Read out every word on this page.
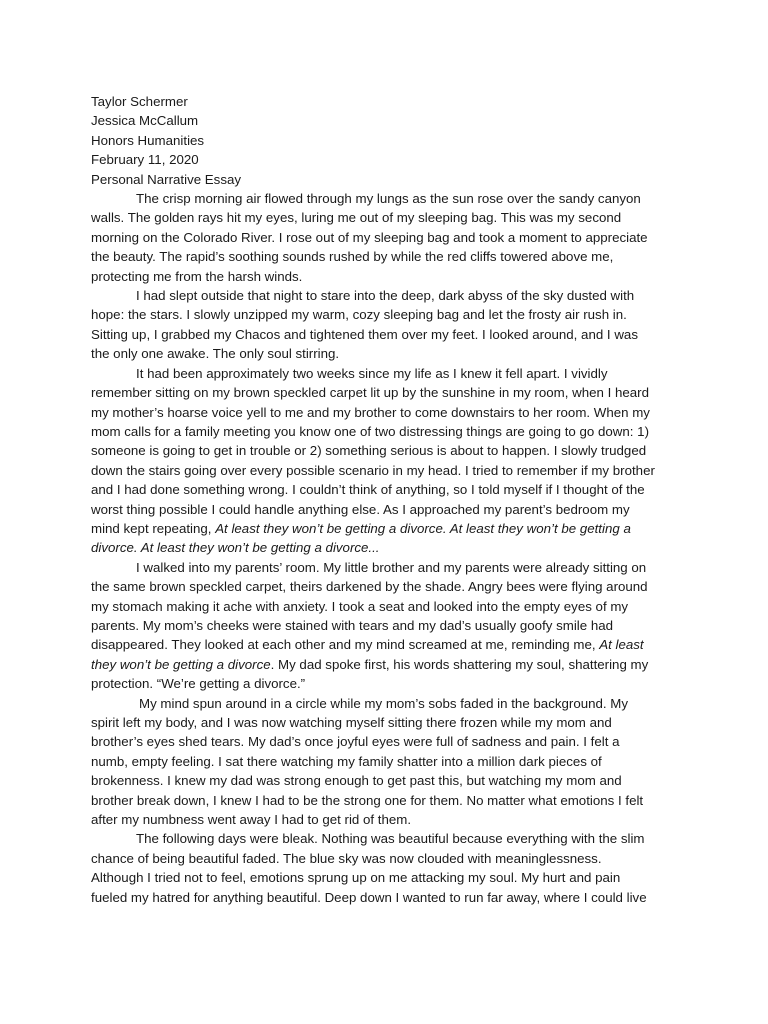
Taylor Schermer
Jessica McCallum
Honors Humanities
February 11, 2020
Personal Narrative Essay
The crisp morning air flowed through my lungs as the sun rose over the sandy canyon
walls. The golden rays hit my eyes, luring me out of my sleeping bag. This was my second
morning on the Colorado River. I rose out of my sleeping bag and took a moment to appreciate
the beauty. The rapid’s soothing sounds rushed by while the red cliffs towered above me,
protecting me from the harsh winds.
I had slept outside that night to stare into the deep, dark abyss of the sky dusted with
hope: the stars. I slowly unzipped my warm, cozy sleeping bag and let the frosty air rush in.
Sitting up, I grabbed my Chacos and tightened them over my feet. I looked around, and I was
the only one awake. The only soul stirring.
It had been approximately two weeks since my life as I knew it fell apart. I vividly
remember sitting on my brown speckled carpet lit up by the sunshine in my room, when I heard
my mother’s hoarse voice yell to me and my brother to come downstairs to her room. When my
mom calls for a family meeting you know one of two distressing things are going to go down: 1)
someone is going to get in trouble or 2) something serious is about to happen. I slowly trudged
down the stairs going over every possible scenario in my head. I tried to remember if my brother
and I had done something wrong. I couldn’t think of anything, so I told myself if I thought of the
worst thing possible I could handle anything else. As I approached my parent’s bedroom my
mind kept repeating, At least they won’t be getting a divorce. At least they won’t be getting a
divorce. At least they won’t be getting a divorce...
I walked into my parents’ room. My little brother and my parents were already sitting on
the same brown speckled carpet, theirs darkened by the shade. Angry bees were flying around
my stomach making it ache with anxiety. I took a seat and looked into the empty eyes of my
parents. My mom’s cheeks were stained with tears and my dad’s usually goofy smile had
disappeared. They looked at each other and my mind screamed at me, reminding me, At least
they won’t be getting a divorce. My dad spoke first, his words shattering my soul, shattering my
protection. “We’re getting a divorce.”
My mind spun around in a circle while my mom’s sobs faded in the background. My
spirit left my body, and I was now watching myself sitting there frozen while my mom and
brother’s eyes shed tears. My dad’s once joyful eyes were full of sadness and pain. I felt a
numb, empty feeling. I sat there watching my family shatter into a million dark pieces of
brokenness. I knew my dad was strong enough to get past this, but watching my mom and
brother break down, I knew I had to be the strong one for them. No matter what emotions I felt
after my numbness went away I had to get rid of them.
The following days were bleak. Nothing was beautiful because everything with the slim
chance of being beautiful faded. The blue sky was now clouded with meaninglessness.
Although I tried not to feel, emotions sprung up on me attacking my soul. My hurt and pain
fueled my hatred for anything beautiful. Deep down I wanted to run far away, where I could live
